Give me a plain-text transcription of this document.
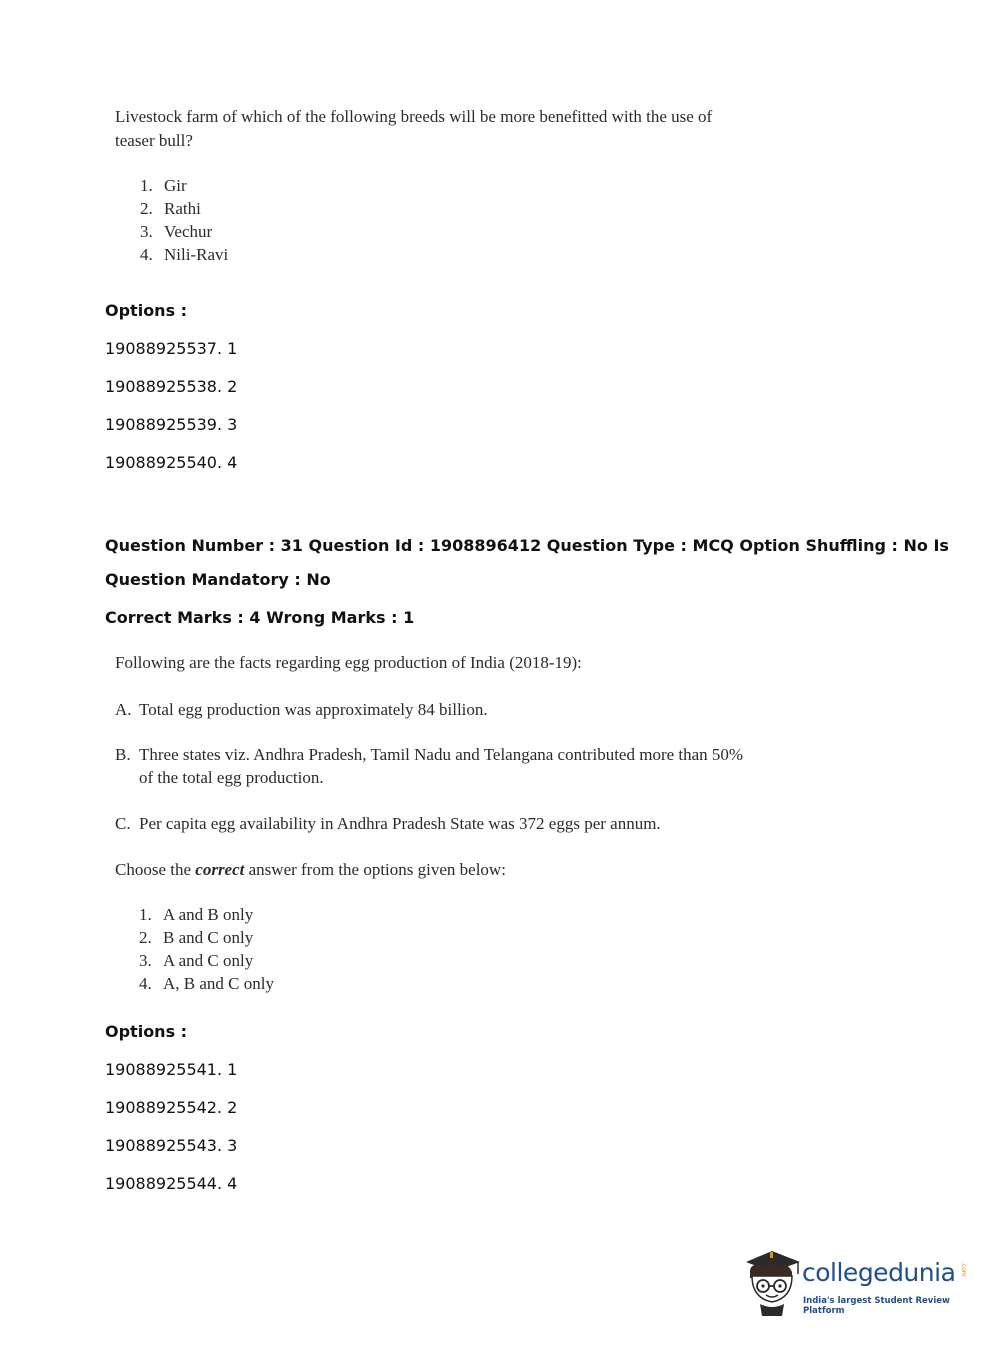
Livestock farm of which of the following breeds will be more benefitted with the use of
teaser bull?
1. Gir
2. Rathi
3. Vechur
4. Nili-Ravi
Options :
19088925537. 1
19088925538. 2
19088925539. 3
19088925540. 4
Question Number : 31 Question Id : 1908896412 Question Type : MCQ Option Shuffling : No Is
Question Mandatory : No
Correct Marks : 4 Wrong Marks : 1
Following are the facts regarding egg production of India (2018-19):
A. Total egg production was approximately 84 billion.
B. Three states viz. Andhra Pradesh, Tamil Nadu and Telangana contributed more than 50%
of the total egg production.
C. Per capita egg availability in Andhra Pradesh State was 372 eggs per annum.
Choose the correct answer from the options given below:
1. A and B only
2. B and C only
3. A and C only
4. A, B and C only
Options :
19088925541. 1
19088925542. 2
19088925543. 3
19088925544. 4
collegedunia .com
India's largest Student Review Platform
